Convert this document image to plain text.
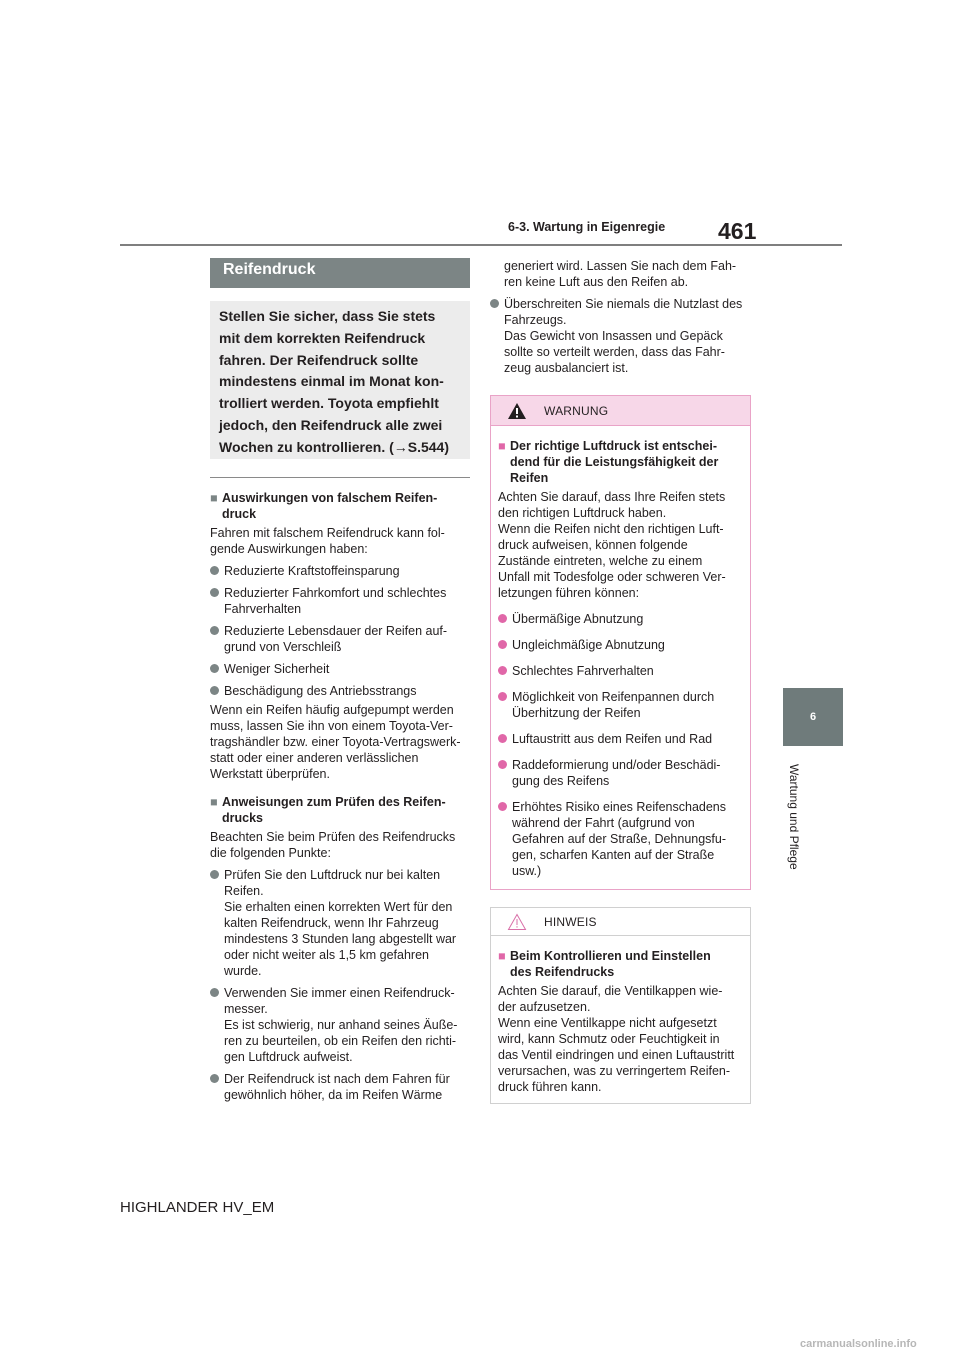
461
6-3. Wartung in Eigenregie
6
Wartung und Pflege
Reifendruck
Stellen Sie sicher, dass Sie stets
mit dem korrekten Reifendruck
fahren. Der Reifendruck sollte
mindestens einmal im Monat kon-
trolliert werden. Toyota empfiehlt
jedoch, den Reifendruck alle zwei
Wochen zu kontrollieren. (→S.544)
■ Auswirkungen von falschem Reifen-
druck
Fahren mit falschem Reifendruck kann fol-
gende Auswirkungen haben:
Reduzierte Kraftstoffeinsparung
Reduzierter Fahrkomfort und schlechtes
Fahrverhalten
Reduzierte Lebensdauer der Reifen auf-
grund von Verschleiß
Weniger Sicherheit
Beschädigung des Antriebsstrangs
Wenn ein Reifen häufig aufgepumpt werden
muss, lassen Sie ihn von einem Toyota-Ver-
tragshändler bzw. einer Toyota-Vertragswerk-
statt oder einer anderen verlässlichen
Werkstatt überprüfen.
■ Anweisungen zum Prüfen des Reifen-
drucks
Beachten Sie beim Prüfen des Reifendrucks
die folgenden Punkte:
Prüfen Sie den Luftdruck nur bei kalten
Reifen.
Sie erhalten einen korrekten Wert für den
kalten Reifendruck, wenn Ihr Fahrzeug
mindestens 3 Stunden lang abgestellt war
oder nicht weiter als 1,5 km gefahren
wurde.
Verwenden Sie immer einen Reifendruck-
messer.
Es ist schwierig, nur anhand seines Äuße-
ren zu beurteilen, ob ein Reifen den richti-
gen Luftdruck aufweist.
Der Reifendruck ist nach dem Fahren für
gewöhnlich höher, da im Reifen Wärme
generiert wird. Lassen Sie nach dem Fah-
ren keine Luft aus den Reifen ab.
Überschreiten Sie niemals die Nutzlast des
Fahrzeugs.
Das Gewicht von Insassen und Gepäck
sollte so verteilt werden, dass das Fahr-
zeug ausbalanciert ist.
WARNUNG
■ Der richtige Luftdruck ist entschei-
dend für die Leistungsfähigkeit der
Reifen
Achten Sie darauf, dass Ihre Reifen stets
den richtigen Luftdruck haben.
Wenn die Reifen nicht den richtigen Luft-
druck aufweisen, können folgende
Zustände eintreten, welche zu einem
Unfall mit Todesfolge oder schweren Ver-
letzungen führen können:
Übermäßige Abnutzung
Ungleichmäßige Abnutzung
Schlechtes Fahrverhalten
Möglichkeit von Reifenpannen durch
Überhitzung der Reifen
Luftaustritt aus dem Reifen und Rad
Raddeformierung und/oder Beschädi-
gung des Reifens
Erhöhtes Risiko eines Reifenschadens
während der Fahrt (aufgrund von
Gefahren auf der Straße, Dehnungsfu-
gen, scharfen Kanten auf der Straße
usw.)
HINWEIS
■ Beim Kontrollieren und Einstellen
des Reifendrucks
Achten Sie darauf, die Ventilkappen wie-
der aufzusetzen.
Wenn eine Ventilkappe nicht aufgesetzt
wird, kann Schmutz oder Feuchtigkeit in
das Ventil eindringen und einen Luftaustritt
verursachen, was zu verringertem Reifen-
druck führen kann.
HIGHLANDER HV_EM
carmanualsonline.info
